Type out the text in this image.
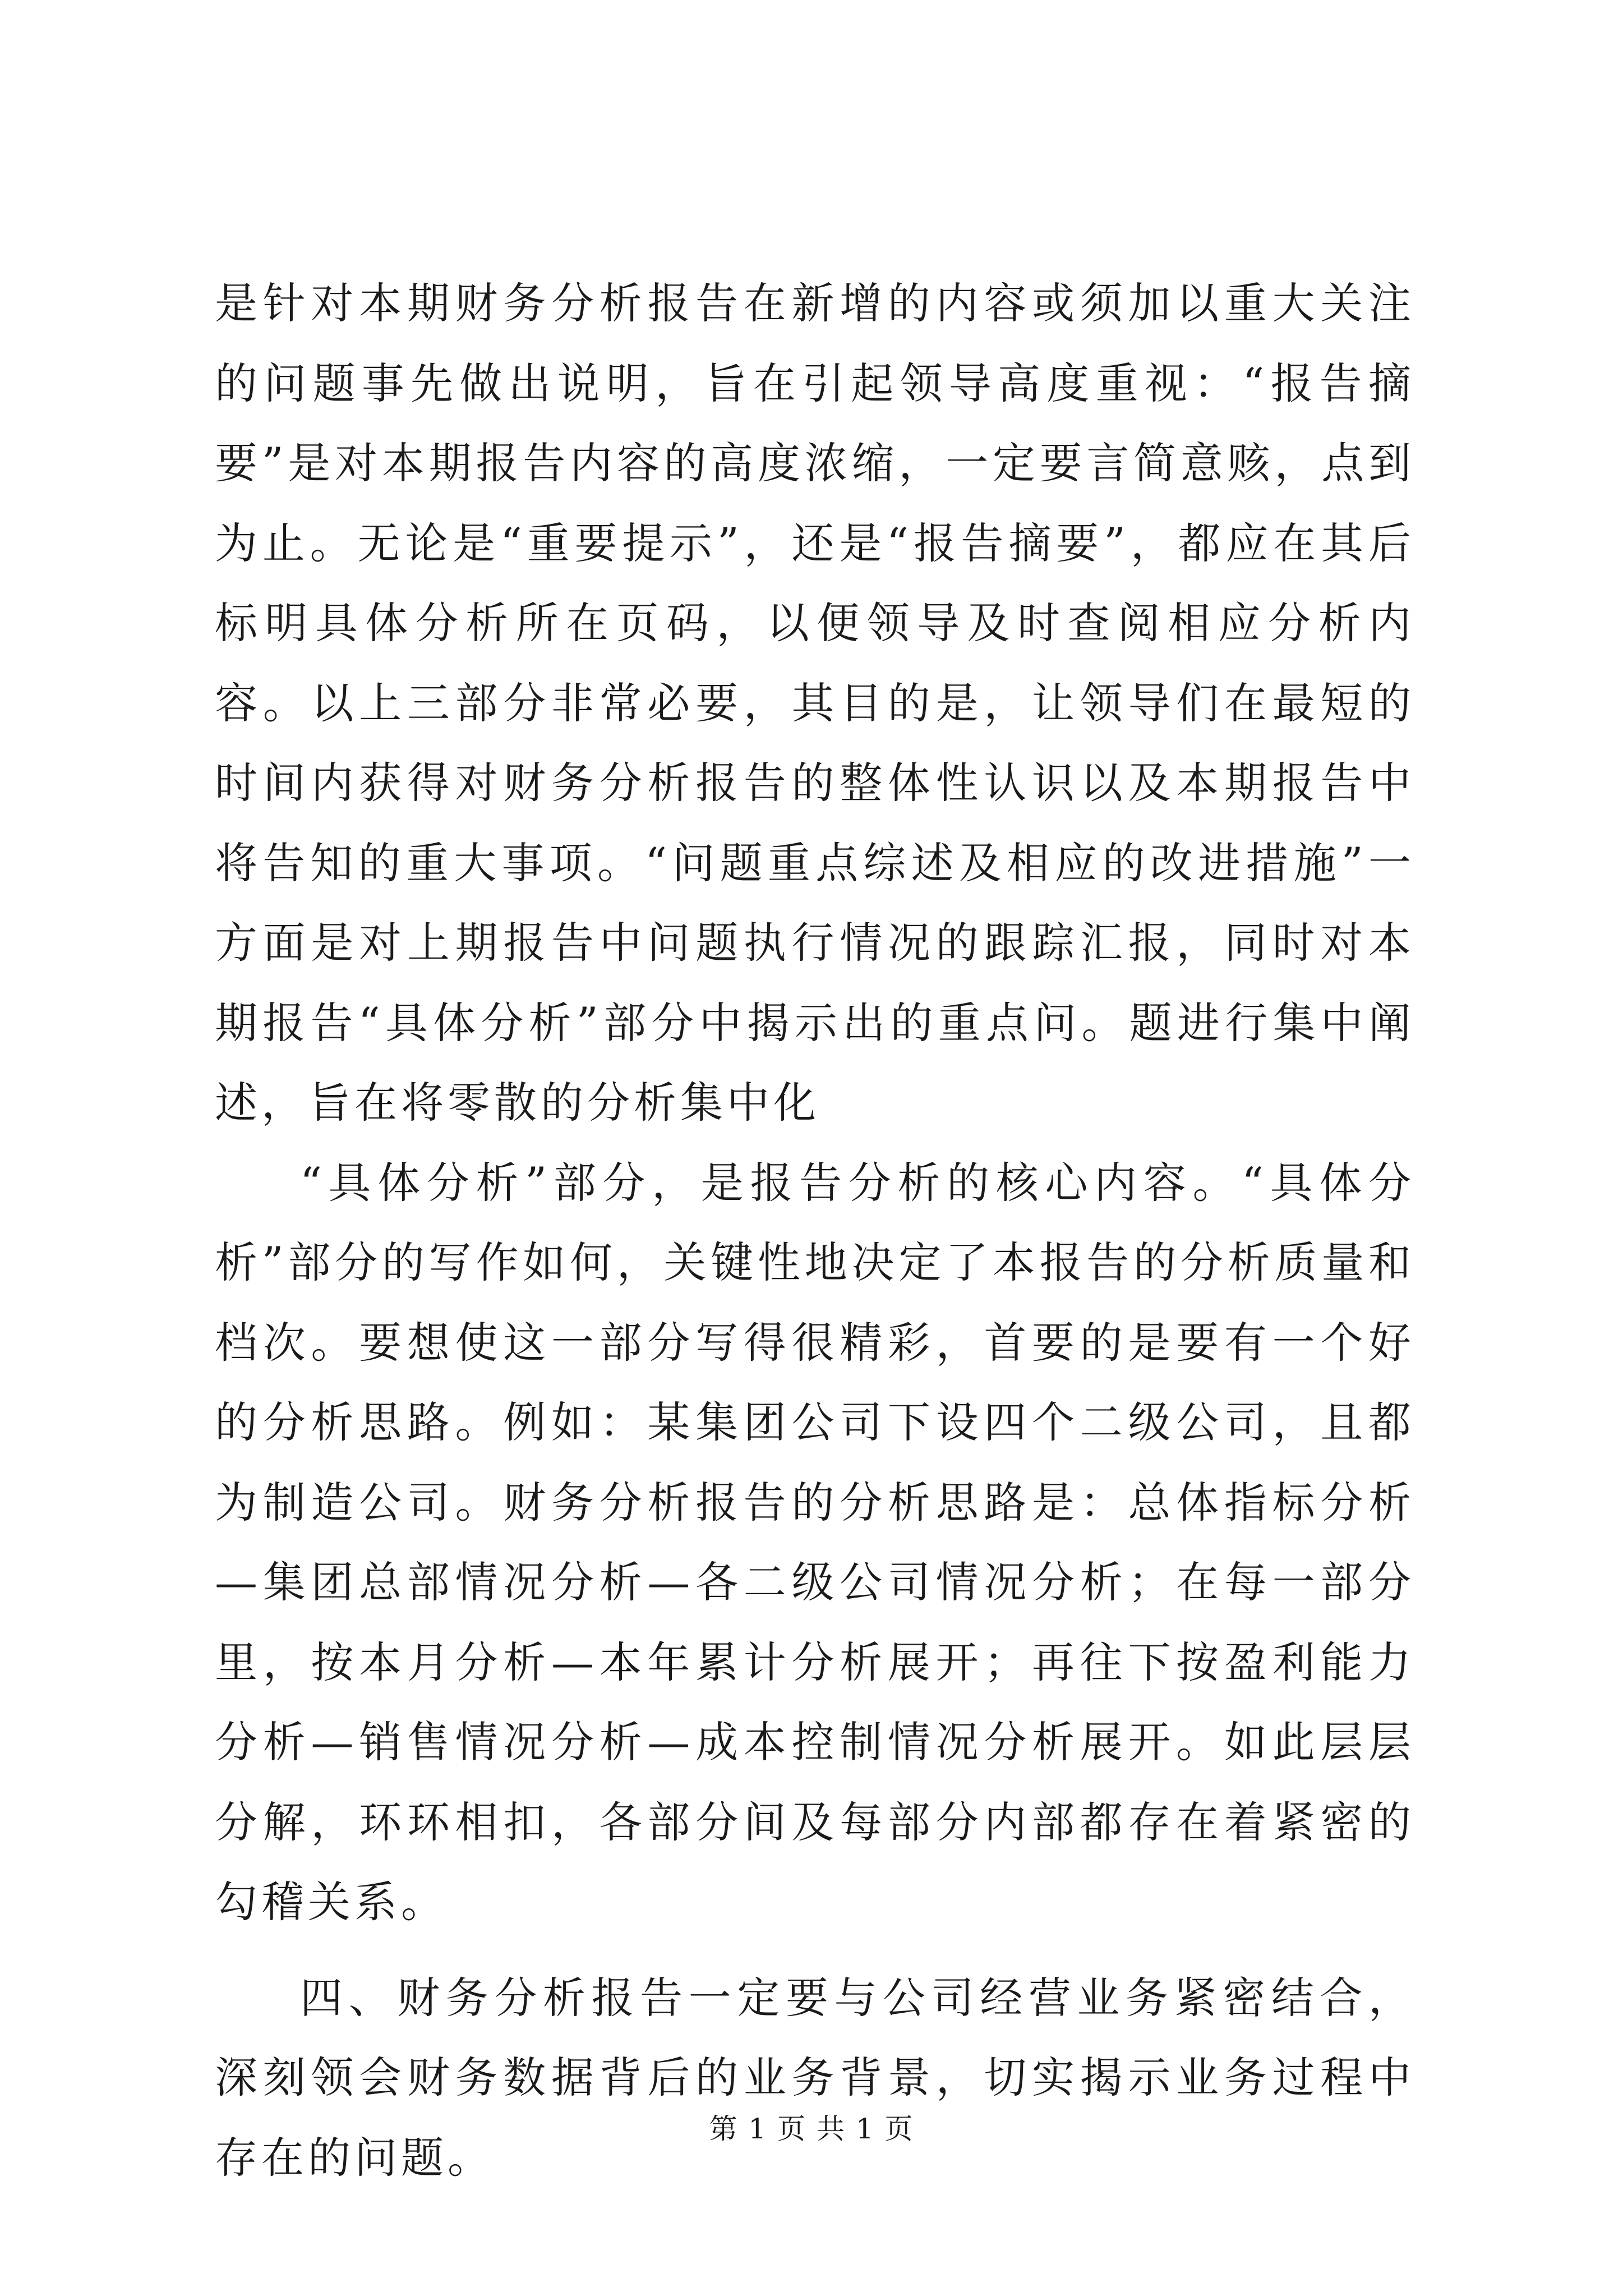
是针对本期财务分析报告在新增的内容或须加以重大关注的问题事先做出说明，旨在引起领导高度重视：“报告摘要”是对本期报告内容的高度浓缩，一定要言简意赅，点到为止。无论是“重要提示”，还是“报告摘要”，都应在其后标明具体分析所在页码，以便领导及时查阅相应分析内容。以上三部分非常必要，其目的是，让领导们在最短的时间内获得对财务分析报告的整体性认识以及本期报告中将告知的重大事项。“问题重点综述及相应的改进措施”一方面是对上期报告中问题执行情况的跟踪汇报，同时对本期报告“具体分析”部分中揭示出的重点问。题进行集中阐述，旨在将零散的分析集中化

“具体分析”部分，是报告分析的核心内容。“具体分析”部分的写作如何，关键性地决定了本报告的分析质量和档次。要想使这一部分写得很精彩，首要的是要有一个好的分析思路。例如：某集团公司下设四个二级公司，且都为制造公司。财务分析报告的分析思路是：总体指标分析—集团总部情况分析—各二级公司情况分析；在每一部分里，按本月分析—本年累计分析展开；再往下按盈利能力分析—销售情况分析—成本控制情况分析展开。如此层层分解，环环相扣，各部分间及每部分内部都存在着紧密的勾稽关系。

四、财务分析报告一定要与公司经营业务紧密结合，深刻领会财务数据背后的业务背景，切实揭示业务过程中存在的问题。

第 1 页 共 1 页
